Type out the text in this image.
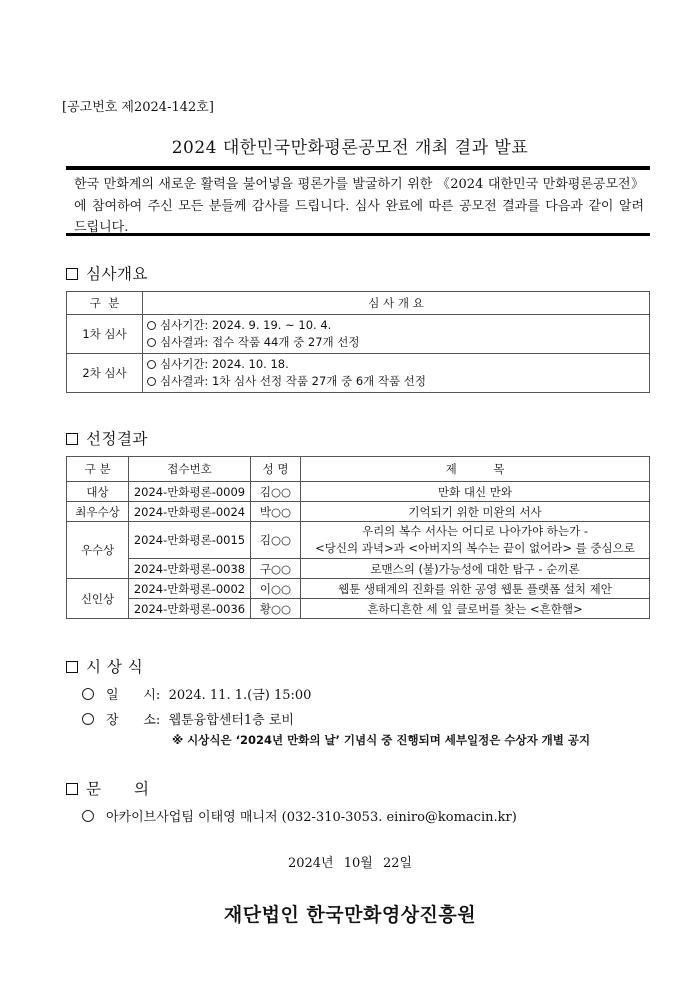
[공고번호 제2024-142호]
2024 대한민국만화평론공모전 개최 결과 발표

한국 만화계의 새로운 활력을 불어넣을 평론가를 발굴하기 위한 《2024 대한민국 만화평론공모전》에 참여하여 주신 모든 분들께 감사를 드립니다. 심사 완료에 따른 공모전 결과를 다음과 같이 알려 드립니다.

심사개요
구  분	심 사 개 요
1차 심사	심사기간: 2024. 9. 19. ~ 10. 4.
심사결과: 접수 작품 44개 중 27개 선정

2차 심사	심사기간: 2024. 10. 18.
심사결과: 1차 심사 선정 작품 27개 중 6개 작품 선정
선정결과
구 분	접수번호	성 명	제          목
대상	2024-만화평론-0009	김○○	만화 대신 만와
최우수상	2024-만화평론-0024	박○○	기억되기 위한 미완의 서사
우수상	2024-만화평론-0015	김○○	우리의 복수 서사는 어디로 나아가야 하는가 -
<당신의 과녁>과 <아버지의 복수는 끝이 없어라> 를 중심으로

	2024-만화평론-0038	구○○	로맨스의 (불)가능성에 대한 탐구 - 순끼론
신인상	2024-만화평론-0002	이○○	웹툰 생태계의 진화를 위한 공영 웹툰 플랫폼 설치 제안
	2024-만화평론-0036	황○○	흔하디흔한 세 잎 클로버를 찾는 <흔한햄>
시 상 식
일      시: 2024. 11. 1.(금) 15:00
장      소: 웹툰융합센터1층 로비
※ 시상식은 ‘2024년 만화의 날’ 기념식 중 진행되며 세부일정은 수상자 개별 공지
문      의
아카이브사업팀 이태영 매니저 (032-310-3053. einiro@komacin.kr)
2024년 10월 22일
재단법인 한국만화영상진흥원
